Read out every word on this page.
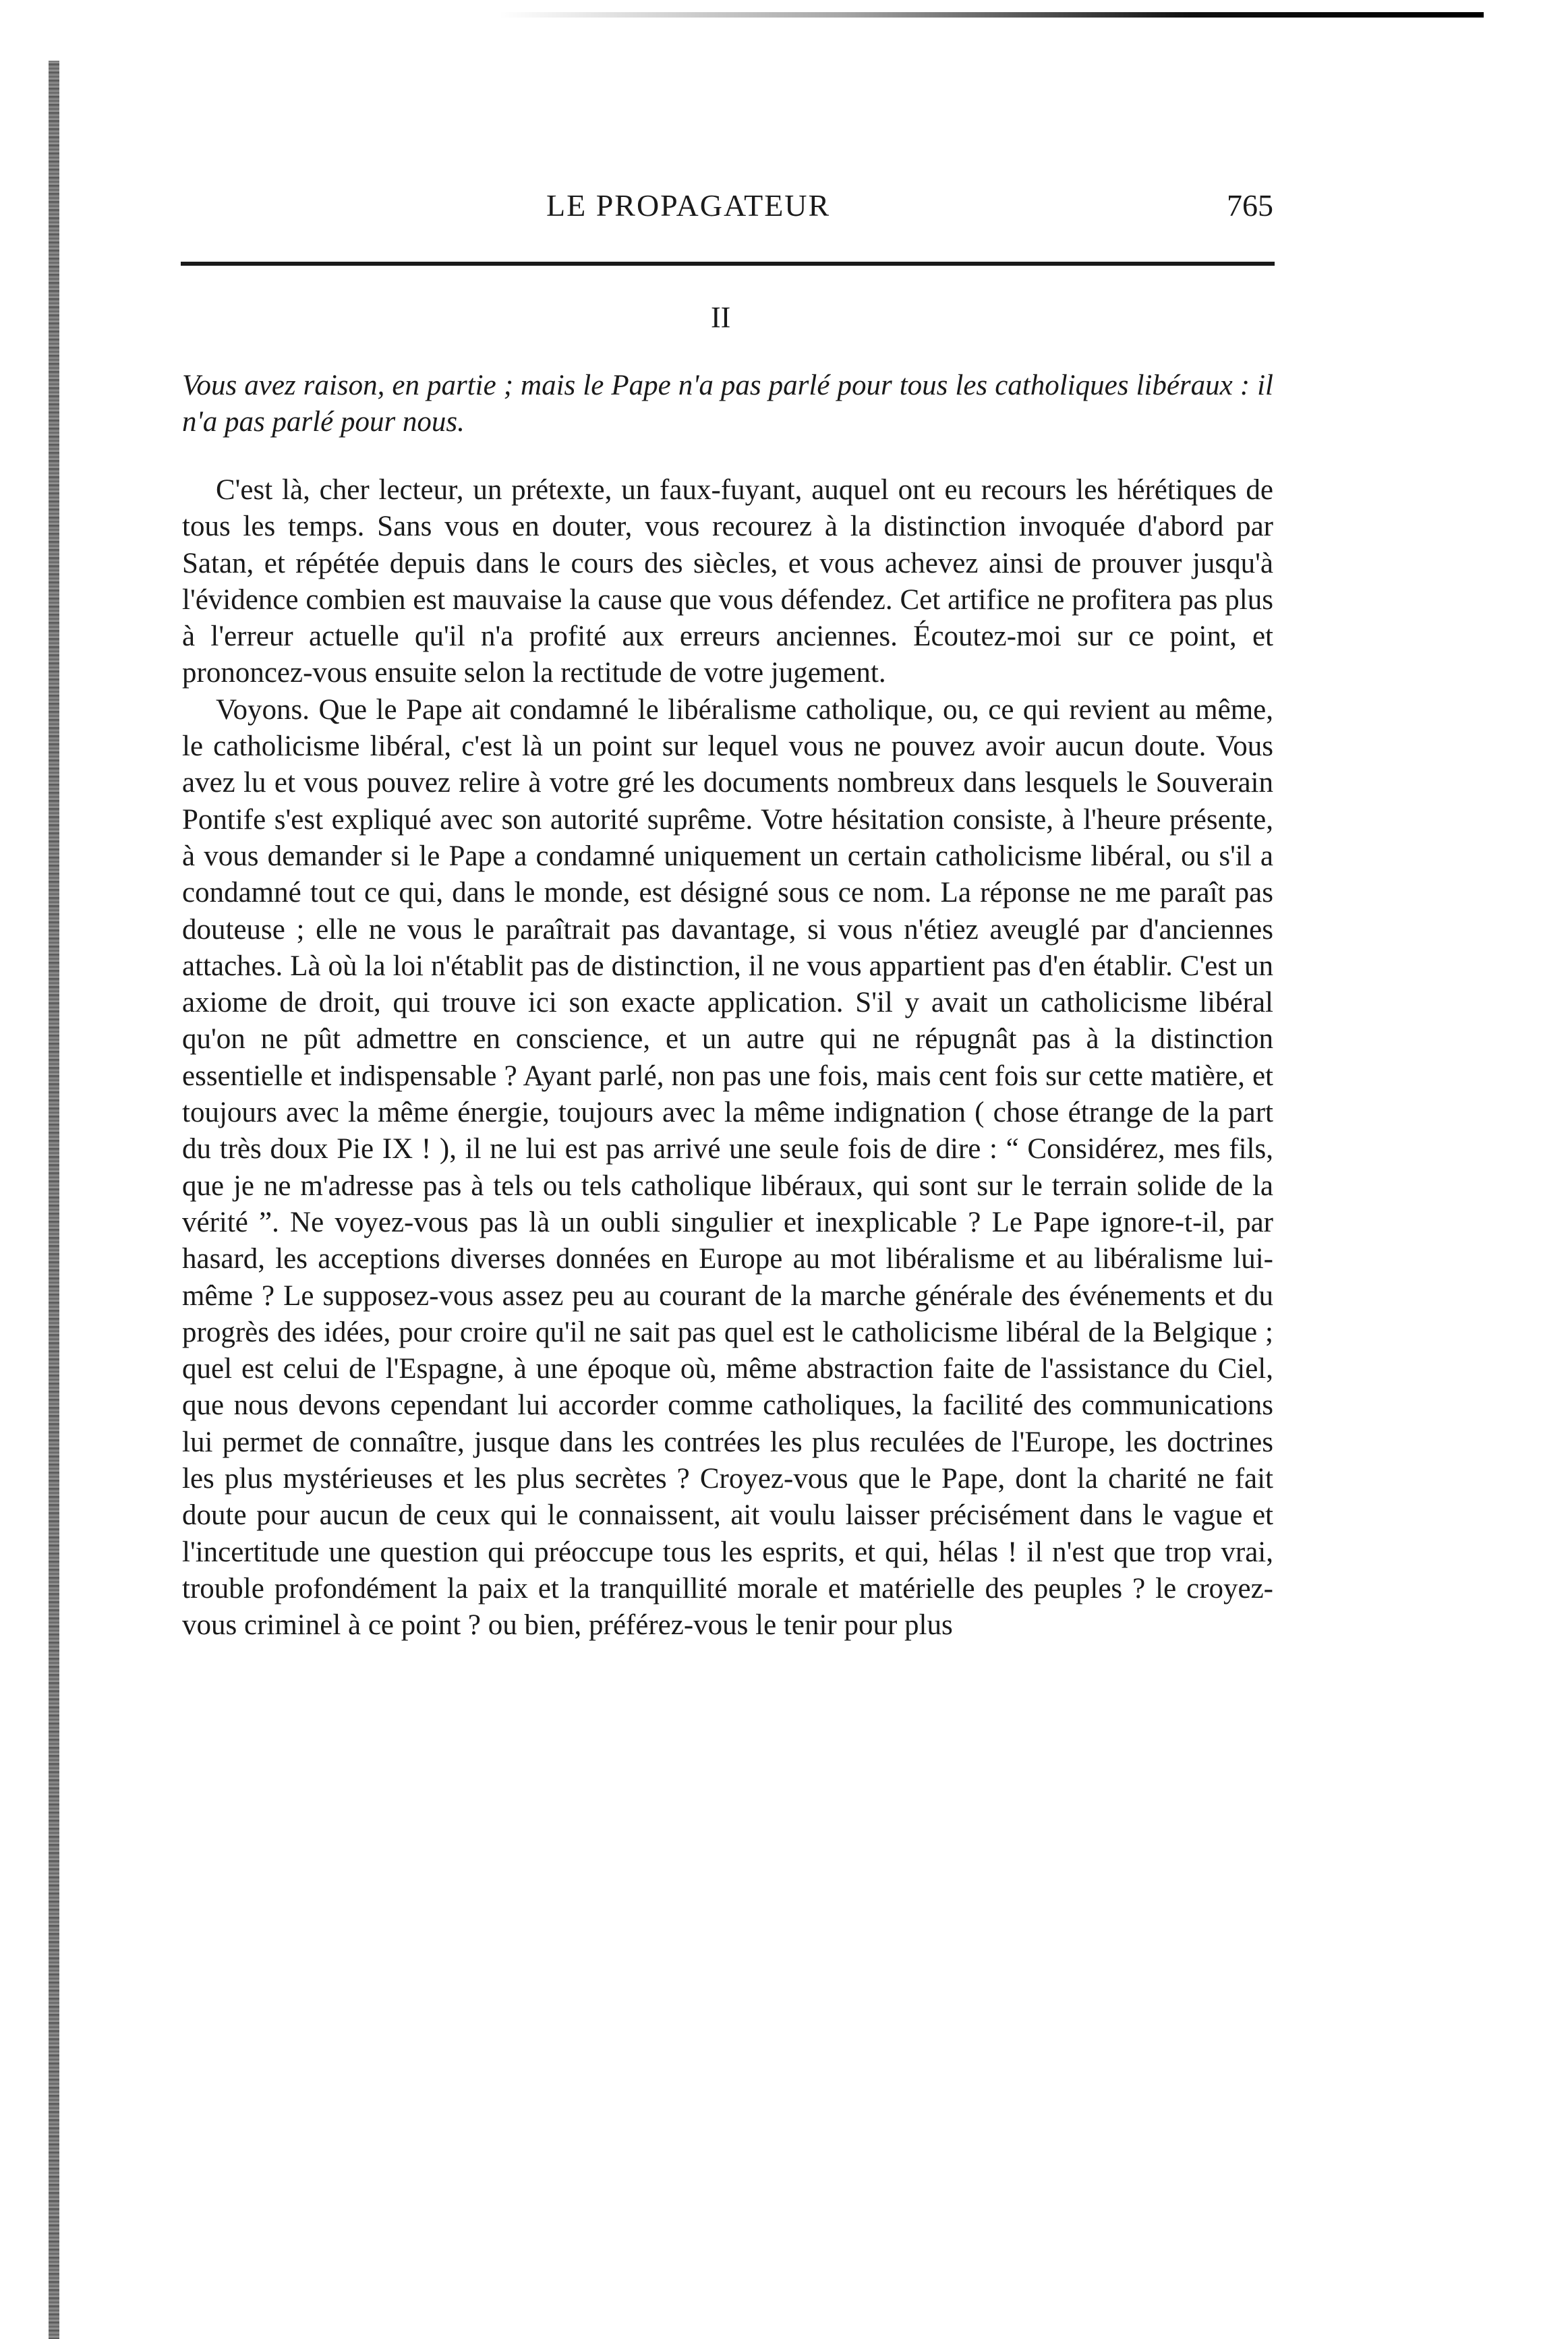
LE PROPAGATEUR	765
II

Vous avez raison, en partie ; mais le Pape n'a pas parlé pour tous les catholiques libéraux : il n'a pas parlé pour nous.

C'est là, cher lecteur, un prétexte, un faux-fuyant, auquel ont eu recours les hérétiques de tous les temps. Sans vous en douter, vous recourez à la distinction invoquée d'abord par Satan, et répétée depuis dans le cours des siècles, et vous achevez ainsi de prouver jusqu'à l'évidence combien est mauvaise la cause que vous défendez. Cet artifice ne profitera pas plus à l'erreur actuelle qu'il n'a profité aux erreurs anciennes. Écoutez-moi sur ce point, et prononcez-vous ensuite selon la rectitude de votre jugement.

Voyons. Que le Pape ait condamné le libéralisme catholique, ou, ce qui revient au même, le catholicisme libéral, c'est là un point sur lequel vous ne pouvez avoir aucun doute. Vous avez lu et vous pouvez relire à votre gré les documents nombreux dans lesquels le Souverain Pontife s'est expliqué avec son autorité suprême. Votre hésitation consiste, à l'heure présente, à vous demander si le Pape a condamné uniquement un certain catholicisme libéral, ou s'il a condamné tout ce qui, dans le monde, est désigné sous ce nom. La réponse ne me paraît pas douteuse ; elle ne vous le paraîtrait pas davantage, si vous n'étiez aveuglé par d'anciennes attaches. Là où la loi n'établit pas de distinction, il ne vous appartient pas d'en établir. C'est un axiome de droit, qui trouve ici son exacte application. S'il y avait un catholicisme libéral qu'on ne pût admettre en conscience, et un autre qui ne répugnât pas à la distinction essentielle et indispensable ? Ayant parlé, non pas une fois, mais cent fois sur cette matière, et toujours avec la même énergie, toujours avec la même indignation ( chose étrange de la part du très doux Pie IX ! ), il ne lui est pas arrivé une seule fois de dire : “ Considérez, mes fils, que je ne m'adresse pas à tels ou tels catholique libéraux, qui sont sur le terrain solide de la vérité ”. Ne voyez-vous pas là un oubli singulier et inexplicable ? Le Pape ignore-t-il, par hasard, les acceptions diverses données en Europe au mot libéralisme et au libéralisme lui-même ? Le supposez-vous assez peu au courant de la marche générale des événements et du progrès des idées, pour croire qu'il ne sait pas quel est le catholicisme libéral de la Belgique ; quel est celui de l'Espagne, à une époque où, même abstraction faite de l'assistance du Ciel, que nous devons cependant lui accorder comme catholiques, la facilité des communications lui permet de connaître, jusque dans les contrées les plus reculées de l'Europe, les doctrines les plus mystérieuses et les plus secrètes ? Croyez-vous que le Pape, dont la charité ne fait doute pour aucun de ceux qui le connaissent, ait voulu laisser précisément dans le vague et l'incertitude une question qui préoccupe tous les esprits, et qui, hélas ! il n'est que trop vrai, trouble profondément la paix et la tranquillité morale et matérielle des peuples ? le croyez-vous criminel à ce point ? ou bien, préférez-vous le tenir pour plus
